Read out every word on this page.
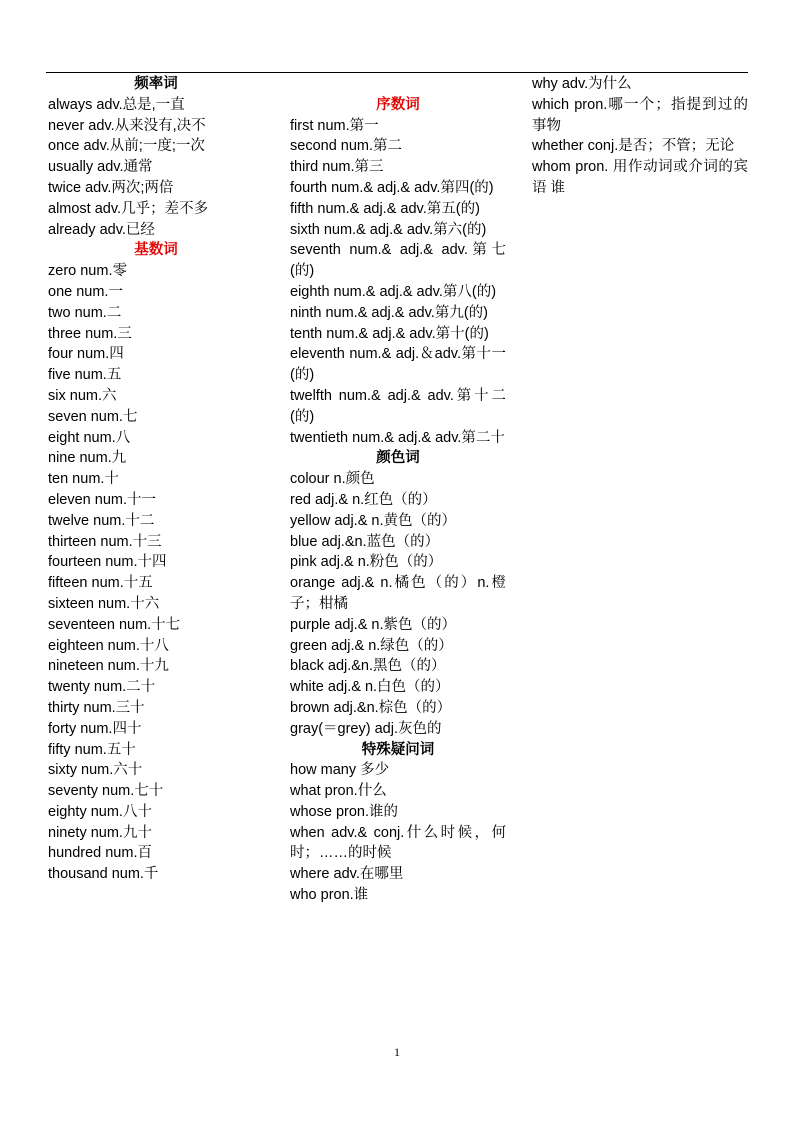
频率词
always adv.总是,一直
never adv.从来没有,决不
once adv.从前;一度;一次
usually adv.通常
twice adv.两次;两倍
almost adv.几乎；差不多
already adv.已经
基数词
zero num.零
one num.一
two num.二
three num.三
four num.四
five num.五
six num.六
seven num.七
eight num.八
nine num.九
ten num.十
eleven num.十一
twelve num.十二
thirteen num.十三
fourteen num.十四
fifteen num.十五
sixteen num.十六
seventeen num.十七
eighteen num.十八
nineteen num.十九
twenty num.二十
thirty num.三十
forty num.四十
fifty num.五十
sixty num.六十
seventy num.七十
eighty num.八十
ninety num.九十
hundred num.百
thousand num.千
序数词
first num.第一
second num.第二
third num.第三
fourth num.& adj.& adv.第四(的)
fifth num.& adj.& adv.第五(的)
sixth num.& adj.& adv.第六(的)
seventh num.& adj.& adv.第七(的)
eighth num.& adj.& adv.第八(的)
ninth num.& adj.& adv.第九(的)
tenth num.& adj.& adv.第十(的)
eleventh num.& adj.＆adv.第十一(的)
twelfth num.& adj.& adv.第十二(的)
twentieth num.& adj.& adv.第二十
颜色词
colour n.颜色
red adj.& n.红色（的）
yellow adj.& n.黄色（的）
blue adj.&n.蓝色（的）
pink adj.& n.粉色（的）
orange adj.& n.橘色（的）n.橙子；柑橘
purple adj.& n.紫色（的）
green adj.& n.绿色（的）
black adj.&n.黑色（的）
white adj.& n.白色（的）
brown adj.&n.棕色（的）
gray(＝grey) adj.灰色的
特殊疑问词
how many 多少
what pron.什么
whose pron.谁的
when adv.& conj.什么时候，何时；……的时候
where adv.在哪里
who pron.谁
why adv.为什么
which pron.哪一个；指提到过的事物
whether conj.是否；不管；无论
whom pron. 用作动词或介词的宾语 谁
1
